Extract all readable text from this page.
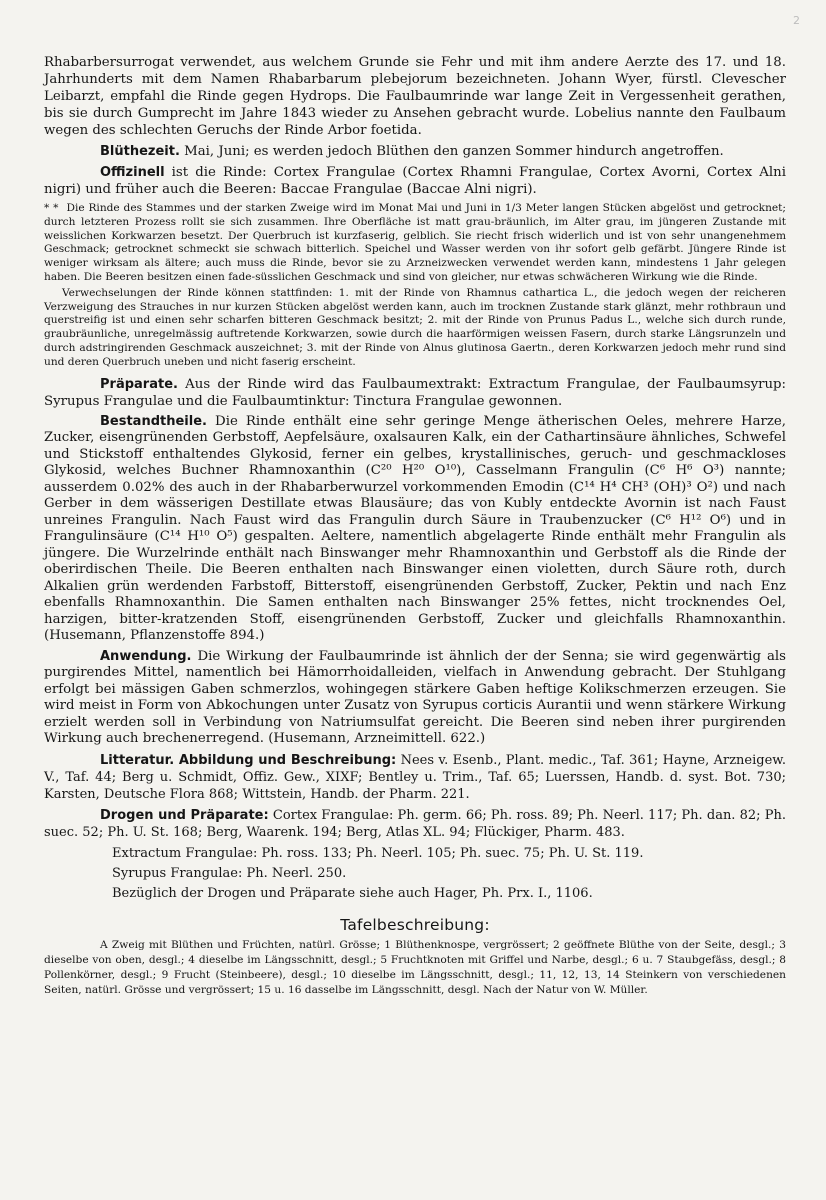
2

Rhabarbersurrogat verwendet, aus welchem Grunde sie Fehr und mit ihm andere Aerzte des 17. und 18. Jahrhunderts mit dem Namen Rhabarbarum plebejorum bezeichneten. Johann Wyer, fürstl. Clevescher Leibarzt, empfahl die Rinde gegen Hydrops. Die Faulbaumrinde war lange Zeit in Vergessenheit gerathen, bis sie durch Gumprecht im Jahre 1843 wieder zu Ansehen gebracht wurde. Lobelius nannte den Faulbaum wegen des schlechten Geruchs der Rinde Arbor foetida.

Blüthezeit. Mai, Juni; es werden jedoch Blüthen den ganzen Sommer hindurch angetroffen.

Offizinell ist die Rinde: Cortex Frangulae (Cortex Rhamni Frangulae, Cortex Avorni, Cortex Alni nigri) und früher auch die Beeren: Baccae Frangulae (Baccae Alni nigri).

* * Die Rinde des Stammes und der starken Zweige wird im Monat Mai und Juni in 1/3 Meter langen Stücken abgelöst und getrocknet; durch letzteren Prozess rollt sie sich zusammen. Ihre Oberfläche ist matt grau-bräunlich, im Alter grau, im jüngeren Zustande mit weisslichen Korkwarzen besetzt. Der Querbruch ist kurzfaserig, gelblich. Sie riecht frisch widerlich und ist von sehr unangenehmem Geschmack; getrocknet schmeckt sie schwach bitterlich. Speichel und Wasser werden von ihr sofort gelb gefärbt. Jüngere Rinde ist weniger wirksam als ältere; auch muss die Rinde, bevor sie zu Arzneizwecken verwendet werden kann, mindestens 1 Jahr gelegen haben. Die Beeren besitzen einen fade-süsslichen Geschmack und sind von gleicher, nur etwas schwächeren Wirkung wie die Rinde.

Verwechselungen der Rinde können stattfinden: 1. mit der Rinde von Rhamnus cathartica L., die jedoch wegen der reicheren Verzweigung des Strauches in nur kurzen Stücken abgelöst werden kann, auch im trocknen Zustande stark glänzt, mehr rothbraun und querstreifig ist und einen sehr scharfen bitteren Geschmack besitzt; 2. mit der Rinde von Prunus Padus L., welche sich durch runde, graubräunliche, unregelmässig auftretende Korkwarzen, sowie durch die haarförmigen weissen Fasern, durch starke Längsrunzeln und durch adstringirenden Geschmack auszeichnet; 3. mit der Rinde von Alnus glutinosa Gaertn., deren Korkwarzen jedoch mehr rund sind und deren Querbruch uneben und nicht faserig erscheint.

Präparate. Aus der Rinde wird das Faulbaumextrakt: Extractum Frangulae, der Faulbaumsyrup: Syrupus Frangulae und die Faulbaumtinktur: Tinctura Frangulae gewonnen.

Bestandtheile. Die Rinde enthält eine sehr geringe Menge ätherischen Oeles, mehrere Harze, Zucker, eisengrünenden Gerbstoff, Aepfelsäure, oxalsauren Kalk, ein der Cathartinsäure ähnliches, Schwefel und Stickstoff enthaltendes Glykosid, ferner ein gelbes, krystallinisches, geruch- und geschmackloses Glykosid, welches Buchner Rhamnoxanthin (C²⁰ H²⁰ O¹⁰), Casselmann Frangulin (C⁶ H⁶ O³) nannte; ausserdem 0.02% des auch in der Rhabarberwurzel vorkommenden Emodin (C¹⁴ H⁴ CH³ (OH)³ O²) und nach Gerber in dem wässerigen Destillate etwas Blausäure; das von Kubly entdeckte Avornin ist nach Faust unreines Frangulin. Nach Faust wird das Frangulin durch Säure in Traubenzucker (C⁶ H¹² O⁶) und in Frangulinsäure (C¹⁴ H¹⁰ O⁵) gespalten. Aeltere, namentlich abgelagerte Rinde enthält mehr Frangulin als jüngere. Die Wurzelrinde enthält nach Binswanger mehr Rhamnoxanthin und Gerbstoff als die Rinde der oberirdischen Theile. Die Beeren enthalten nach Binswanger einen violetten, durch Säure roth, durch Alkalien grün werdenden Farbstoff, Bitterstoff, eisengrünenden Gerbstoff, Zucker, Pektin und nach Enz ebenfalls Rhamnoxanthin. Die Samen enthalten nach Binswanger 25% fettes, nicht trocknendes Oel, harzigen, bitter-kratzenden Stoff, eisengrünenden Gerbstoff, Zucker und gleichfalls Rhamnoxanthin. (Husemann, Pflanzenstoffe 894.)

Anwendung. Die Wirkung der Faulbaumrinde ist ähnlich der der Senna; sie wird gegenwärtig als purgirendes Mittel, namentlich bei Hämorrhoidalleiden, vielfach in Anwendung gebracht. Der Stuhlgang erfolgt bei mässigen Gaben schmerzlos, wohingegen stärkere Gaben heftige Kolikschmerzen erzeugen. Sie wird meist in Form von Abkochungen unter Zusatz von Syrupus corticis Aurantii und wenn stärkere Wirkung erzielt werden soll in Verbindung von Natriumsulfat gereicht. Die Beeren sind neben ihrer purgirenden Wirkung auch brechenerregend. (Husemann, Arzneimittell. 622.)

Litteratur. Abbildung und Beschreibung: Nees v. Esenb., Plant. medic., Taf. 361; Hayne, Arzneigew. V., Taf. 44; Berg u. Schmidt, Offiz. Gew., XIXF; Bentley u. Trim., Taf. 65; Luerssen, Handb. d. syst. Bot. 730; Karsten, Deutsche Flora 868; Wittstein, Handb. der Pharm. 221.

Drogen und Präparate: Cortex Frangulae: Ph. germ. 66; Ph. ross. 89; Ph. Neerl. 117; Ph. dan. 82; Ph. suec. 52; Ph. U. St. 168; Berg, Waarenk. 194; Berg, Atlas XL. 94; Flückiger, Pharm. 483.

Extractum Frangulae: Ph. ross. 133; Ph. Neerl. 105; Ph. suec. 75; Ph. U. St. 119.

Syrupus Frangulae: Ph. Neerl. 250.

Bezüglich der Drogen und Präparate siehe auch Hager, Ph. Prx. I., 1106.

Tafelbeschreibung:

A Zweig mit Blüthen und Früchten, natürl. Grösse; 1 Blüthenknospe, vergrössert; 2 geöffnete Blüthe von der Seite, desgl.; 3 dieselbe von oben, desgl.; 4 dieselbe im Längsschnitt, desgl.; 5 Fruchtknoten mit Griffel und Narbe, desgl.; 6 u. 7 Staubgefäss, desgl.; 8 Pollenkörner, desgl.; 9 Frucht (Steinbeere), desgl.; 10 dieselbe im Längsschnitt, desgl.; 11, 12, 13, 14 Steinkern von verschiedenen Seiten, natürl. Grösse und vergrössert; 15 u. 16 dasselbe im Längsschnitt, desgl. Nach der Natur von W. Müller.
